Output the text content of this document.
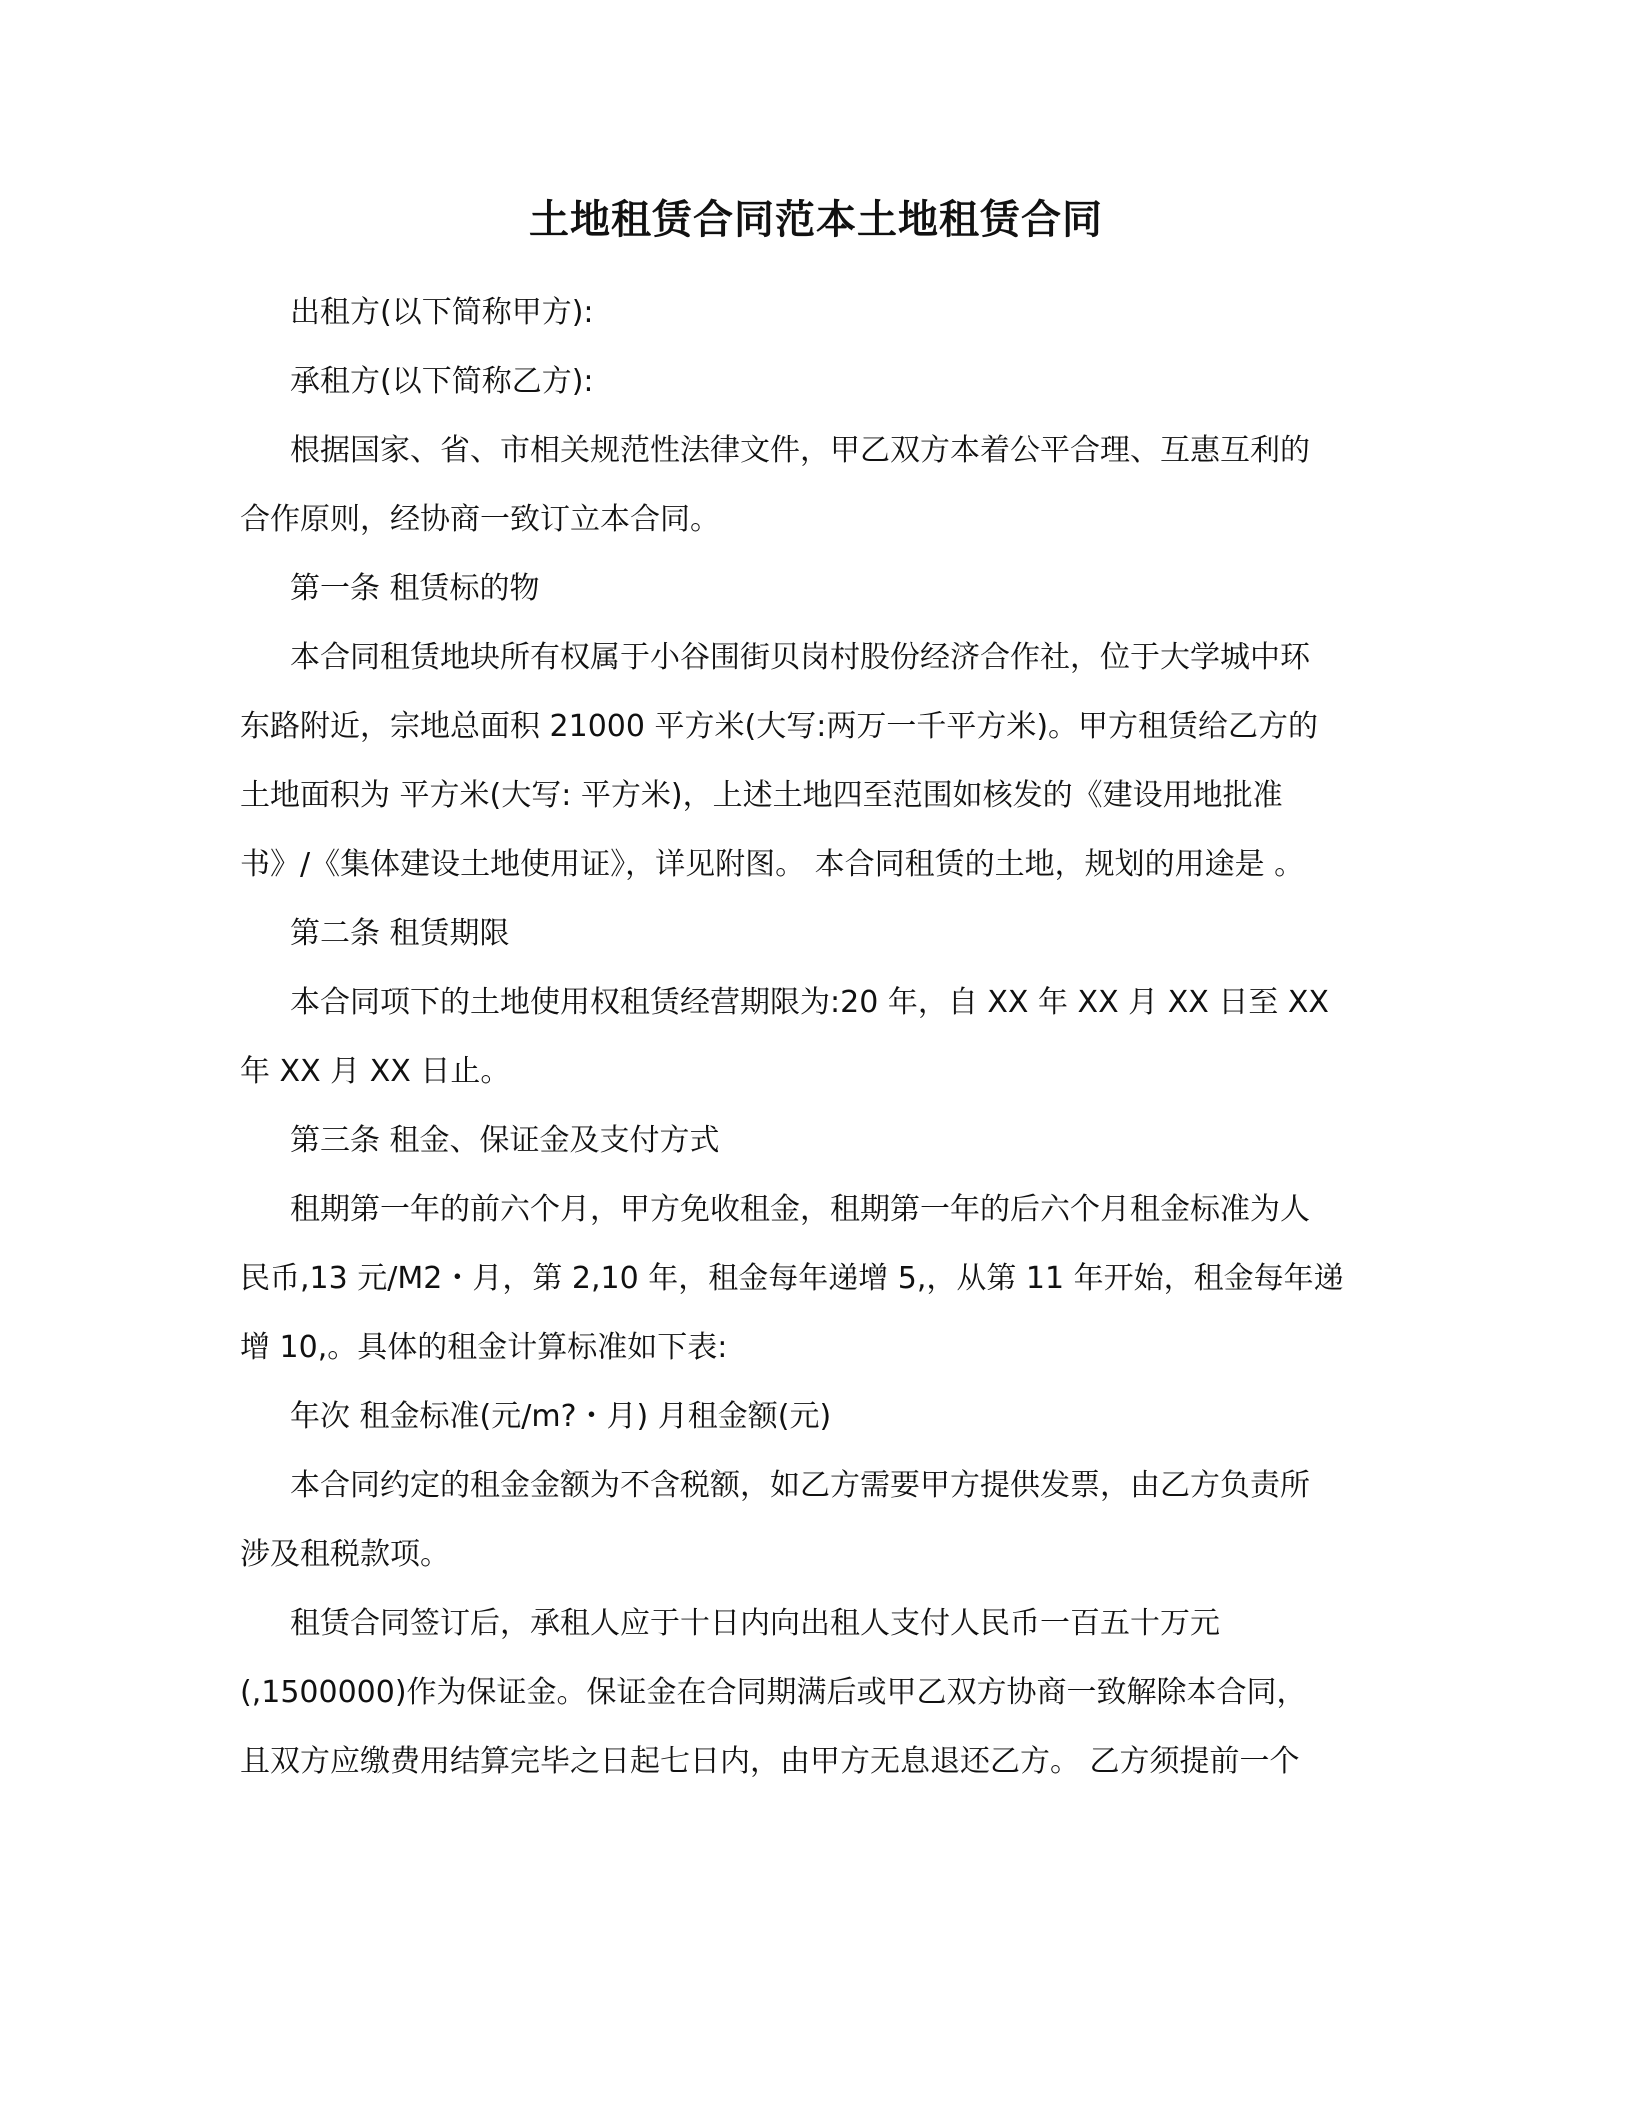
土地租赁合同范本土地租赁合同
出租方(以下简称甲方):
承租方(以下简称乙方):
根据国家、省、市相关规范性法律文件，甲乙双方本着公平合理、互惠互利的
合作原则，经协商一致订立本合同。
第一条 租赁标的物
本合同租赁地块所有权属于小谷围街贝岗村股份经济合作社，位于大学城中环
东路附近，宗地总面积 21000 平方米(大写:两万一千平方米)。甲方租赁给乙方的
土地面积为 平方米(大写: 平方米)，上述土地四至范围如核发的《建设用地批准
书》/《集体建设土地使用证》，详见附图。 本合同租赁的土地，规划的用途是 。
第二条 租赁期限
本合同项下的土地使用权租赁经营期限为:20 年，自 XX 年 XX 月 XX 日至 XX
年 XX 月 XX 日止。
第三条 租金、保证金及支付方式
租期第一年的前六个月，甲方免收租金，租期第一年的后六个月租金标准为人
民币,13 元/M2・月，第 2,10 年，租金每年递增 5,，从第 11 年开始，租金每年递
增 10,。具体的租金计算标准如下表:
年次 租金标准(元/m?・月) 月租金额(元)
本合同约定的租金金额为不含税额，如乙方需要甲方提供发票，由乙方负责所
涉及租税款项。
租赁合同签订后，承租人应于十日内向出租人支付人民币一百五十万元
(,1500000)作为保证金。保证金在合同期满后或甲乙双方协商一致解除本合同，
且双方应缴费用结算完毕之日起七日内，由甲方无息退还乙方。 乙方须提前一个
